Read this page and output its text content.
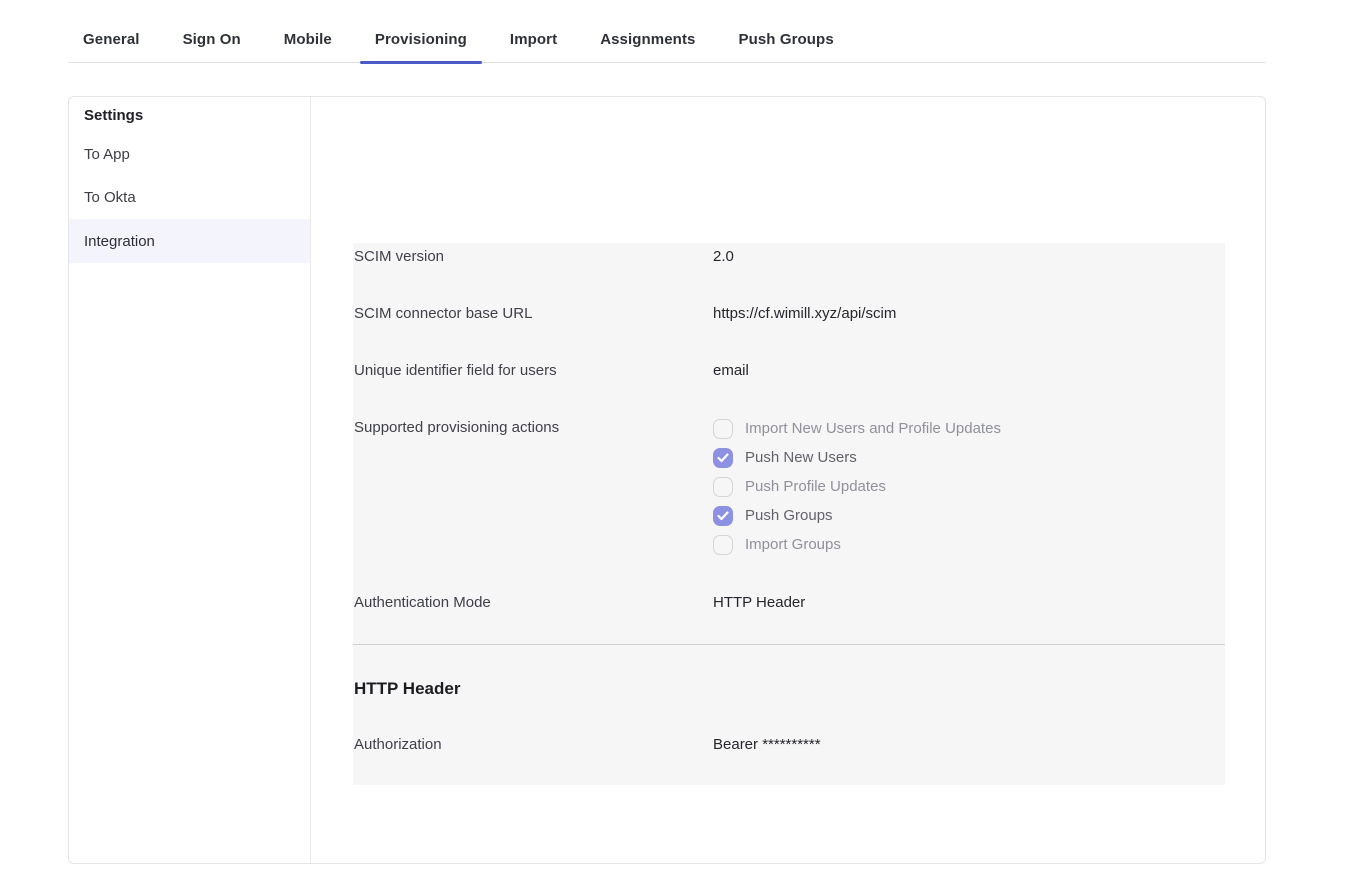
General	Sign On	Mobile	Provisioning	Import	Assignments	Push Groups
Settings
To App
To Okta
Integration
SCIM version	2.0
SCIM connector base URL	https://cf.wimill.xyz/api/scim
Unique identifier field for users	email
Supported provisioning actions	Import New Users and Profile Updates
Push New Users
Push Profile Updates
Push Groups
Import Groups
Authentication Mode	HTTP Header
HTTP Header
Authorization	Bearer **********
